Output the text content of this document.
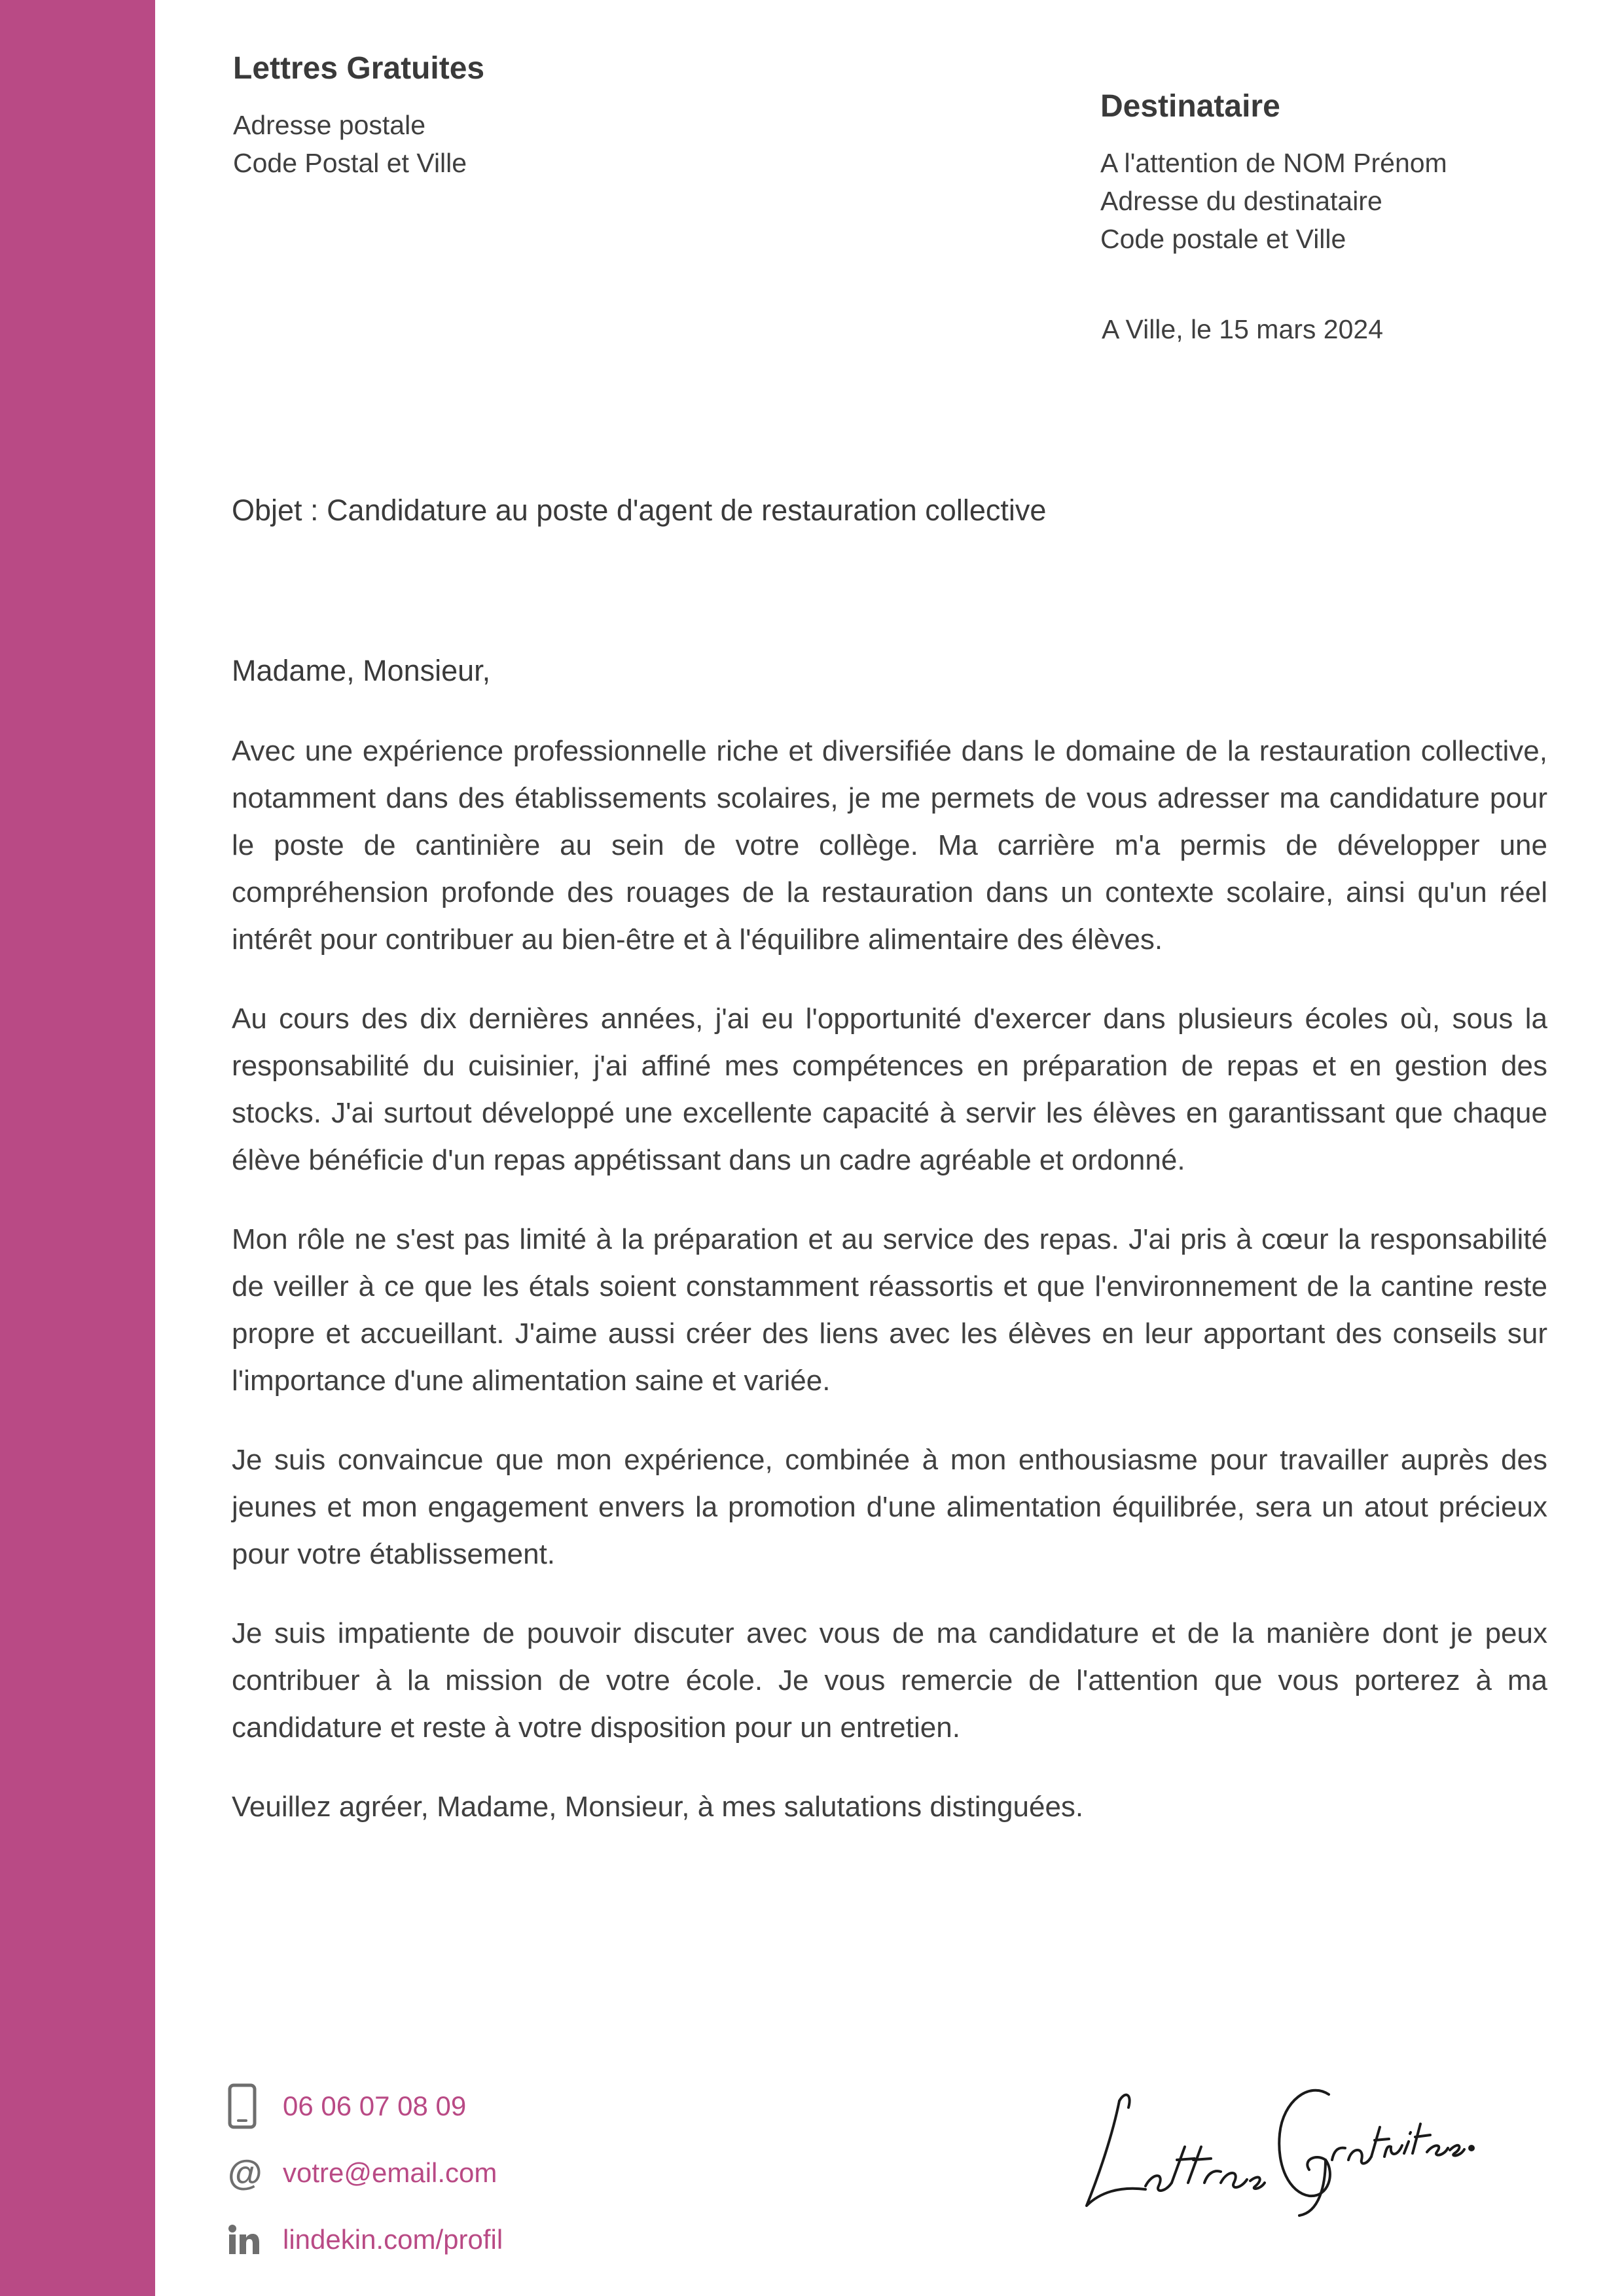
Lettres Gratuites
Adresse postale
Code Postal et Ville
Destinataire
A l'attention de NOM Prénom
Adresse du destinataire
Code postale et Ville
A Ville, le 15 mars 2024
Objet : Candidature au poste d'agent de restauration collective
Madame, Monsieur,

Avec une expérience professionnelle riche et diversifiée dans le domaine de la restauration collective, notamment dans des établissements scolaires, je me permets de vous adresser ma candidature pour le poste de cantinière au sein de votre collège. Ma carrière m'a permis de développer une compréhension profonde des rouages de la restauration dans un contexte scolaire, ainsi qu'un réel intérêt pour contribuer au bien-être et à l'équilibre alimentaire des élèves.

Au cours des dix dernières années, j'ai eu l'opportunité d'exercer dans plusieurs écoles où, sous la responsabilité du cuisinier, j'ai affiné mes compétences en préparation de repas et en gestion des stocks. J'ai surtout développé une excellente capacité à servir les élèves en garantissant que chaque élève bénéficie d'un repas appétissant dans un cadre agréable et ordonné.

Mon rôle ne s'est pas limité à la préparation et au service des repas. J'ai pris à cœur la responsabilité de veiller à ce que les étals soient constamment réassortis et que l'environnement de la cantine reste propre et accueillant. J'aime aussi créer des liens avec les élèves en leur apportant des conseils sur l'importance d'une alimentation saine et variée.

Je suis convaincue que mon expérience, combinée à mon enthousiasme pour travailler auprès des jeunes et mon engagement envers la promotion d'une alimentation équilibrée, sera un atout précieux pour votre établissement.

Je suis impatiente de pouvoir discuter avec vous de ma candidature et de la manière dont je peux contribuer à la mission de votre école. Je vous remercie de l'attention que vous porterez à ma candidature et reste à votre disposition pour un entretien.

Veuillez agréer, Madame, Monsieur, à mes salutations distinguées.

06 06 07 08 09
@ votre@email.com
lindekin.com/profil
